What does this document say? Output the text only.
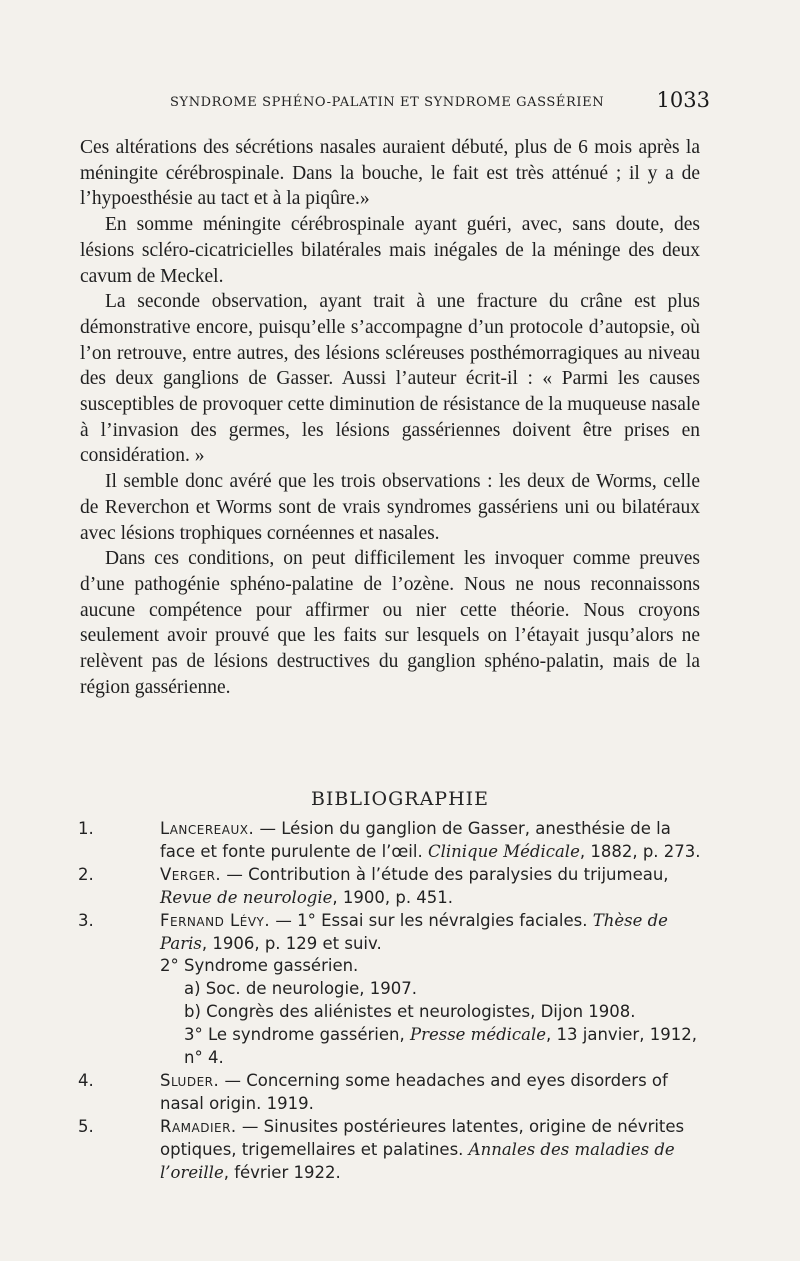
SYNDROME SPHÉNO-PALATIN ET SYNDROME GASSÉRIEN 1033

Ces altérations des sécrétions nasales auraient débuté, plus de 6 mois après la méningite cérébrospinale. Dans la bouche, le fait est très atténué ; il y a de l’hypoesthésie au tact et à la piqûre.»

En somme méningite cérébrospinale ayant guéri, avec, sans doute, des lésions scléro-cicatricielles bilatérales mais inégales de la méninge des deux cavum de Meckel.

La seconde observation, ayant trait à une fracture du crâne est plus démonstrative encore, puisqu’elle s’accompagne d’un protocole d’autopsie, où l’on retrouve, entre autres, des lésions scléreuses posthémorragiques au niveau des deux ganglions de Gasser. Aussi l’auteur écrit-il : « Parmi les causes susceptibles de provoquer cette diminution de résistance de la muqueuse nasale à l’invasion des germes, les lésions gassériennes doivent être prises en considération. »

Il semble donc avéré que les trois observations : les deux de Worms, celle de Reverchon et Worms sont de vrais syndromes gassériens uni ou bilatéraux avec lésions trophiques cornéennes et nasales.

Dans ces conditions, on peut difficilement les invoquer comme preuves d’une pathogénie sphéno-palatine de l’ozène. Nous ne nous reconnaissons aucune compétence pour affirmer ou nier cette théorie. Nous croyons seulement avoir prouvé que les faits sur lesquels on l’étayait jusqu’alors ne relèvent pas de lésions destructives du ganglion sphéno-palatin, mais de la région gassérienne.

BIBLIOGRAPHIE
1.	Lancereaux. — Lésion du ganglion de Gasser, anesthésie de la face et fonte purulente de l’œil. Clinique Médicale, 1882, p. 273.
2.	Verger. — Contribution à l’étude des paralysies du trijumeau, Revue de neurologie, 1900, p. 451.
3.	Fernand Lévy. — 1° Essai sur les névralgies faciales. Thèse de Paris, 1906, p. 129 et suiv.
2° Syndrome gassérien.
a) Soc. de neurologie, 1907.
b) Congrès des aliénistes et neurologistes, Dijon 1908.
3° Le syndrome gassérien, Presse médicale, 13 janvier, 1912, n° 4.
4.	Sluder. — Concerning some headaches and eyes disorders of nasal origin. 1919.
5.	Ramadier. — Sinusites postérieures latentes, origine de névrites optiques, trigemellaires et palatines. Annales des maladies de l’oreille, février 1922.
